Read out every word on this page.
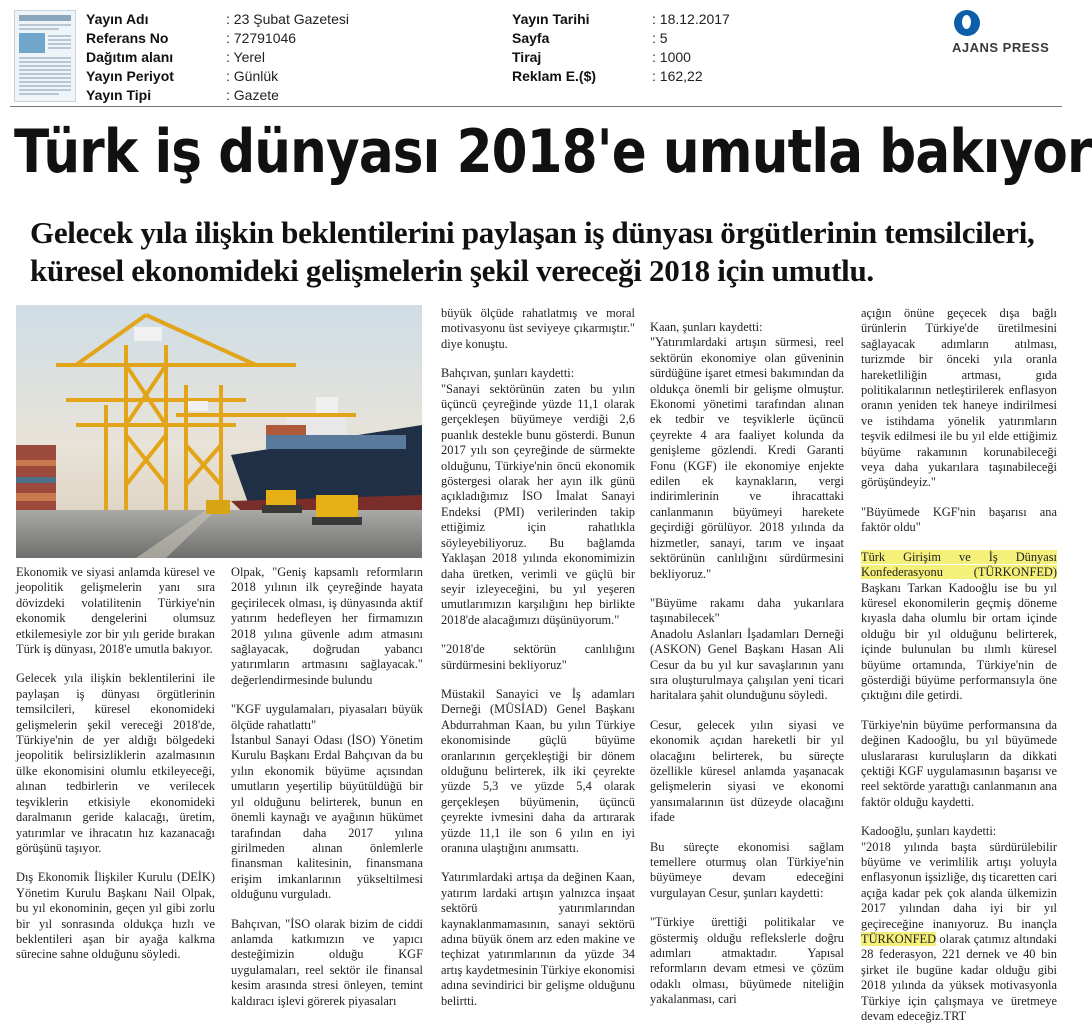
Yayın Adı	: 23 Şubat Gazetesi
Referans No	: 72791046
Dağıtım alanı	: Yerel
Yayın Periyot	: Günlük
Yayın Tipi	: Gazete
Yayın Tarihi	: 18.12.2017
Sayfa	: 5
Tiraj	: 1000
Reklam E.($)	: 162,22
AJANS PRESS
Türk iş dünyası 2018'e umutla bakıyor
Gelecek yıla ilişkin beklentilerini paylaşan iş dünyası örgütlerinin temsilcileri,
küresel ekonomideki gelişmelerin şekil vereceği 2018 için umutlu.

Ekonomik ve siyasi anlamda küresel ve jeopolitik gelişmelerin yanı sıra dövizdeki volatilitenin Türkiye'nin ekonomik dengelerini olumsuz etkilemesiyle zor bir yılı geride bırakan Türk iş dünyası, 2018'e umutla bakıyor.

Gelecek yıla ilişkin beklentilerini ile paylaşan iş dünyası örgütlerinin temsilcileri, küresel ekonomideki gelişmelerin şekil vereceği 2018'de, Türkiye'nin de yer aldığı bölgedeki jeopolitik belirsizliklerin azalmasının ülke ekonomisini olumlu etkileyeceği, alınan tedbirlerin ve verilecek teşviklerin etkisiyle ekonomideki daralmanın geride kalacağı, üretim, yatırımlar ve ihracatın hız kazanacağı görüşünü taşıyor.

Dış Ekonomik İlişkiler Kurulu (DEİK) Yönetim Kurulu Başkanı Nail Olpak, bu yıl ekonominin, geçen yıl gibi zorlu bir yıl sonrasında oldukça hızlı ve beklentileri aşan bir ayağa kalkma sürecine sahne olduğunu söyledi.

Olpak, "Geniş kapsamlı reformların 2018 yılının ilk çeyreğinde hayata geçirilecek olması, iş dünyasında aktif yatırım hedefleyen her firmamızın 2018 yılına güvenle adım atmasını sağlayacak, doğrudan yabancı yatırımların artmasını sağlayacak." değerlendirmesinde bulundu

"KGF uygulamaları, piyasaları büyük ölçüde rahatlattı"

İstanbul Sanayi Odası (İSO) Yönetim Kurulu Başkanı Erdal Bahçıvan da bu yılın ekonomik büyüme açısından umutların yeşertilip büyütüldüğü bir yıl olduğunu belirterek, bunun en önemli kaynağı ve ayağının hükümet tarafından daha 2017 yılına girilmeden alınan önlemlerle finansman kalitesinin, finansmana erişim imkanlarının yükseltilmesi olduğunu vurguladı.

Bahçıvan, "İSO olarak bizim de ciddi anlamda katkımızın ve yapıcı desteğimizin olduğu KGF uygulamaları, reel sektör ile finansal kesim arasında stresi önleyen, temint kaldıracı işlevi görerek piyasaları

büyük ölçüde rahatlatmış ve moral motivasyonu üst seviyeye çıkarmıştır." diye konuştu.

Bahçıvan, şunları kaydetti:

"Sanayi sektörünün zaten bu yılın üçüncü çeyreğinde yüzde 11,1 olarak gerçekleşen büyümeye verdiği 2,6 puanlık destekle bunu gösterdi. Bunun 2017 yılı son çeyreğinde de sürmekte olduğunu, Türkiye'nin öncü ekonomik göstergesi olarak her ayın ilk günü açıkladığımız İSO İmalat Sanayi Endeksi (PMI) verilerinden takip ettiğimiz için rahatlıkla söyleyebiliyoruz. Bu bağlamda Yaklaşan 2018 yılında ekonomimizin daha üretken, verimli ve güçlü bir seyir izleyeceğini, bu yıl yeşeren umutlarımızın karşılığını hep birlikte 2018'de alacağımızı düşünüyorum."

"2018'de sektörün canlılığını sürdürmesini bekliyoruz"

Müstakil Sanayici ve İş adamları Derneği (MÜSİAD) Genel Başkanı Abdurrahman Kaan, bu yılın Türkiye ekonomisinde güçlü büyüme oranlarının gerçekleştiği bir dönem olduğunu belirterek, ilk iki çeyrekte yüzde 5,3 ve yüzde 5,4 olarak gerçekleşen büyümenin, üçüncü çeyrekte ivmesini daha da artırarak yüzde 11,1 ile son 6 yılın en iyi oranına ulaştığını anımsattı.

Yatırımlardaki artışa da değinen Kaan, yatırım lardaki artışın yalnızca inşaat sektörü yatırımlarından kaynaklanmamasının, sanayi sektörü adına büyük önem arz eden makine ve teçhizat yatırımlarının da yüzde 34 artış kaydetmesinin Türkiye ekonomisi adına sevindirici bir gelişme olduğunu belirtti.

Kaan, şunları kaydetti:

"Yatırımlardaki artışın sürmesi, reel sektörün ekonomiye olan güveninin sürdüğüne işaret etmesi bakımından da oldukça önemli bir gelişme olmuştur. Ekonomi yönetimi tarafından alınan ek tedbir ve teşviklerle üçüncü çeyrekte 4 ara faaliyet kolunda da genişleme gözlendi. Kredi Garanti Fonu (KGF) ile ekonomiye enjekte edilen ek kaynakların, vergi indirimlerinin ve ihracattaki canlanmanın büyümeyi harekete geçirdiği görülüyor. 2018 yılında da hizmetler, sanayi, tarım ve inşaat sektörünün canlılığını sürdürmesini bekliyoruz."

"Büyüme rakamı daha yukarılara taşınabilecek"

Anadolu Aslanları İşadamları Derneği (ASKON) Genel Başkanı Hasan Ali Cesur da bu yıl kur savaşlarının yanı sıra oluşturulmaya çalışılan yeni ticari haritalara şahit olunduğunu söyledi.

Cesur, gelecek yılın siyasi ve ekonomik açıdan hareketli bir yıl olacağını belirterek, bu süreçte özellikle küresel anlamda yaşanacak gelişmelerin siyasi ve ekonomi yansımalarının üst düzeyde olacağını ifade

Bu süreçte ekonomisi sağlam temellere oturmuş olan Türkiye'nin büyümeye devam edeceğini vurgulayan Cesur, şunları kaydetti:

"Türkiye ürettiği politikalar ve göstermiş olduğu reflekslerle doğru adımları atmaktadır. Yapısal reformların devam etmesi ve çözüm odaklı olması, büyümede niteliğin yakalanması, cari

açığın önüne geçecek dışa bağlı ürünlerin Türkiye'de üretilmesini sağlayacak adımların atılması, turizmde bir önceki yıla oranla hareketliliğin artması, gıda politikalarının netleştirilerek enflasyon oranın yeniden tek haneye indirilmesi ve istihdama yönelik yatırımların teşvik edilmesi ile bu yıl elde ettiğimiz büyüme rakamının korunabileceği veya daha yukarılara taşınabileceği görüşündeyiz."

"Büyümede KGF'nin başarısı ana faktör oldu"

Türk Girişim ve İş Dünyası Konfederasyonu (TÜRKONFED) Başkanı Tarkan Kadooğlu ise bu yıl küresel ekonomilerin geçmiş döneme kıyasla daha olumlu bir ortam içinde olduğu bir yıl olduğunu belirterek, içinde bulunulan bu ılımlı küresel büyüme ortamında, Türkiye'nin de gösterdiği büyüme performansıyla öne çıktığını dile getirdi.

Türkiye'nin büyüme performansına da değinen Kadooğlu, bu yıl büyümede uluslararası kuruluşların da dikkati çektiği KGF uygulamasının başarısı ve reel sektörde yarattığı canlanmanın ana faktör olduğu kaydetti.

Kadooğlu, şunları kaydetti:

"2018 yılında başta sürdürülebilir büyüme ve verimlilik artışı yoluyla enflasyonun işsizliğe, dış ticaretten cari açığa kadar pek çok alanda ülkemizin 2017 yılından daha iyi bir yıl geçireceğine inanıyoruz. Bu inançla TÜRKONFED olarak çatımız altındaki 28 federasyon, 221 dernek ve 40 bin şirket ile bugüne kadar olduğu gibi 2018 yılında da yüksek motivasyonla Türkiye için çalışmaya ve üretmeye devam edeceğiz.TRT
